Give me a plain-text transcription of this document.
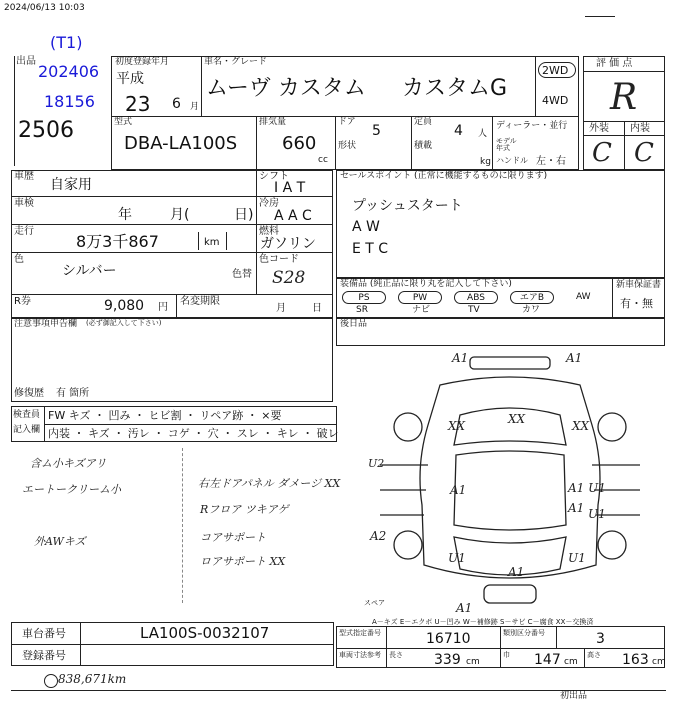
2024/06/13 10:03
(T1)
202406
18156
出品
2506
初度登録年月
平成
23 6 月
車名・グレード
ムーヴ カスタム カスタムG
2WD
4WD
型式
DBA-LA100S
排気量
660
cc
ドア
5
形状
定員
4 人
積載
kg
ディーラー・並行
モデル 年式
ハンドル 左・右
評 価 点
R
外装 内装
C C
車歴
自家用
車検
年	月(	日)
走行
8万3千867	km
色
シルバー	色替
シフト
I A T
冷房
A A C
燃料
ガソリン
色コード
S28
R券	9,080 円
名変期限
月	日
セールスポイント (正常に機能するものに限ります)
プッシュスタート
A W
E T C
装備品 (純正品に限り丸を記入して下さい)	新車保証書
有・無
PS	PW	ABS	エアB	AW
SR	ナビ	TV	カワ
後日品
注意事項申告欄 (必ず御記入して下さい)
修復歴 有 箇所
検査員
記入欄
FW キズ ・ 凹み ・ ヒビ割 ・ リペア跡 ・ ×要
内装 ・ キズ ・ 汚レ ・ コゲ ・ 穴 ・ スレ ・ キレ ・ 破レ
含ム小キズアリ
エートークリーム小
外AWキズ
右左ドアパネル ダメージ XX
Rフロア ツキアゲ
コアサポート
ロアサポート XX
A1	A1
XX	XX	XX
U2
A1	A1 U1
A1 U1
A2
U1	U1
A1
A1
スペア
A－キズ E－エクボ U－凹み W－補修跡 S－サビ C－腐食 XX－交換済
車台番号	LA100S-0032107
登録番号
型式指定番号	16710	類別区分番号	3
車両寸法参考 長さ 339 cm
巾 147 cm
高さ 163 cm
838,671km
初出品
